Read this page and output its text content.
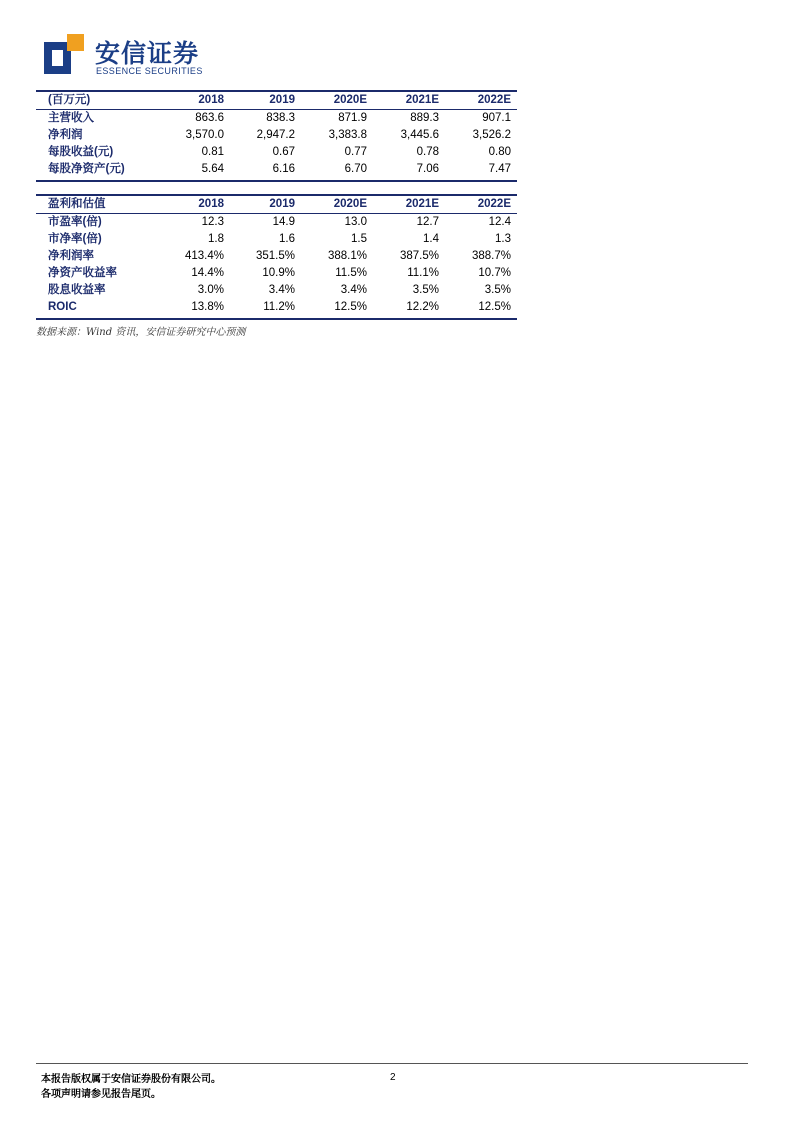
安信证券
ESSENCE SECURITIES
(百万元)	2018	2019	2020E	2021E	2022E
主营收入	863.6	838.3	871.9	889.3	907.1
净利润	3,570.0	2,947.2	3,383.8	3,445.6	3,526.2
每股收益(元)	0.81	0.67	0.77	0.78	0.80
每股净资产(元)	5.64	6.16	6.70	7.06	7.47
盈利和估值	2018	2019	2020E	2021E	2022E
市盈率(倍)	12.3	14.9	13.0	12.7	12.4
市净率(倍)	1.8	1.6	1.5	1.4	1.3
净利润率	413.4%	351.5%	388.1%	387.5%	388.7%
净资产收益率	14.4%	10.9%	11.5%	11.1%	10.7%
股息收益率	3.0%	3.4%	3.4%	3.5%	3.5%
ROIC	13.8%	11.2%	12.5%	12.2%	12.5%
数据来源：Wind 资讯，安信证券研究中心预测
本报告版权属于安信证券股份有限公司。
各项声明请参见报告尾页。
2
